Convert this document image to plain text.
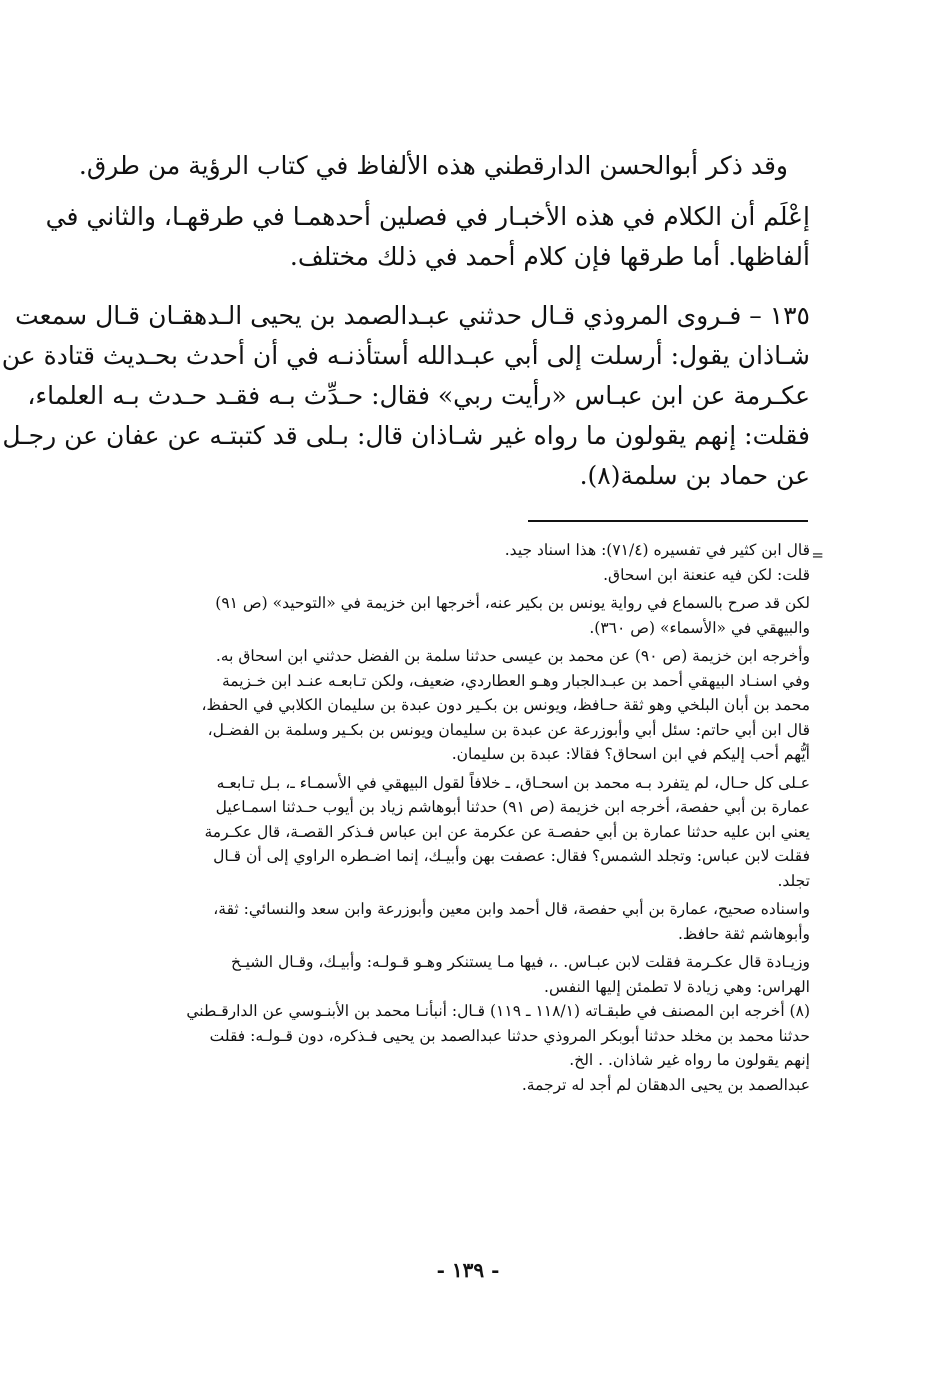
وقد ذكر أبوالحسن الدارقطني هذه الألفاظ في كتاب الرؤية من طرق.
إعْلَم أن الكلام في هذه الأخبـار في فصلين أحدهمـا في طرقهـا، والثاني في
ألفاظها. أما طرقها فإن كلام أحمد في ذلك مختلف.
١٣٥ – فـروى المروذي قـال حدثني عبـدالصمد بن يحيى الـدهقـان قـال سمعت
شـاذان يقول: أرسلت إلى أبي عبـدالله أستأذنـه في أن أحدث بحـديث قتادة عن
عكـرمة عن ابن عبـاس «رأيت ربي» فقال: حـدِّث بـه فقـد حـدث بـه العلماء،
فقلت: إنهم يقولون ما رواه غير شـاذان قال: بـلى قد كتبتـه عن عفان عن رجـل
عن حماد بن سلمة(٨).
=
قال ابن كثير في تفسيره (٧١/٤): هذا اسناد جيد.
قلت: لكن فيه عنعنة ابن اسحاق.
لكن قد صرح بالسماع في رواية يونس بن بكير عنه، أخرجها ابن خزيمة في «التوحيد» (ص ٩١)
والبيهقي في «الأسماء» (ص ٣٦٠).
وأخرجه ابن خزيمة (ص ٩٠) عن محمد بن عيسى حدثنا سلمة بن الفضل حدثني ابن اسحاق به.
وفي اسنـاد البيهقي أحمد بن عبـدالجبار وهـو العطاردي، ضعيف، ولكن تـابعـه عنـد ابن خـزيمة
محمد بن أبان البلخي وهو ثقة حـافظ، ويونس بن بكـير دون عبدة بن سليمان الكلابي في الحفظ،
قال ابن أبي حاتم: سئل أبي وأبوزرعة عن عبدة بن سليمان ويونس بن بكـير وسلمة بن الفضـل،
أيُّهم أحب إليكم في ابن اسحاق؟ فقالا: عبدة بن سليمان.
عـلى كل حـال، لم يتفرد بـه محمد بن اسحـاق، ـ خلافاً لقول البيهقي في الأسمـاء ـ، بـل تـابعـه
عمارة بن أبي حفصة، أخرجه ابن خزيمة (ص ٩١) حدثنا أبوهاشم زياد بن أيوب حـدثنا اسمـاعيل
يعني ابن عليه حدثنا عمارة بن أبي حفصـة عن عكرمة عن ابن عباس فـذكر القصـة، قال عكـرمة
فقلت لابن عباس: وتجلد الشمس؟ فقال: عصفت بهن وأبيـك، إنما اضـطره الراوي إلى أن قـال
تجلد.
واسناده صحيح، عمارة بن أبي حفصة، قال أحمد وابن معين وأبوزرعة وابن سعد والنسائي: ثقة،
وأبوهاشم ثقة حافظ.
وزيـادة قال عكـرمة فقلت لابن عبـاس. .، فيها مـا يستنكر وهـو قـولـه: وأبيـك، وقـال الشيـخ
الهراس: وهي زيادة لا تطمئن إليها النفس.
(٨) أخرجه ابن المصنف في طبقـاته (١١٨/١ ـ ١١٩) قـال: أنبأنـا محمد بن الأبنـوسي عن الدارقـطني
حدثنا محمد بن مخلد حدثنا أبوبكر المروذي حدثنا عبدالصمد بن يحيى فـذكره، دون قـولـه: فقلت
إنهم يقولون ما رواه غير شاذان. . الخ.
عبدالصمد بن يحيى الدهقان لم أجد له ترجمة.
- ١٣٩ -
